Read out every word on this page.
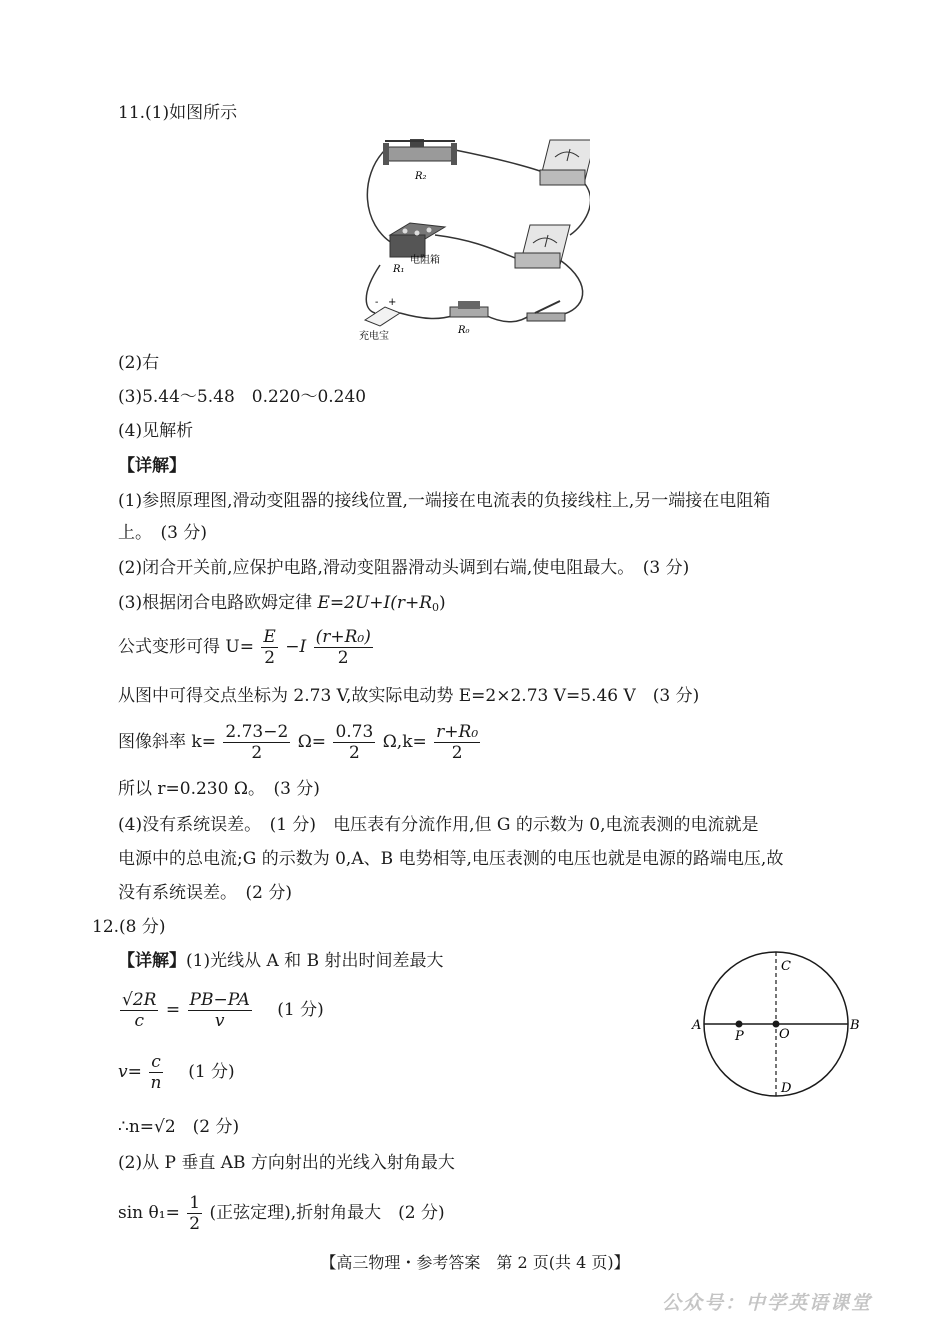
11.(1)如图所示
R₂
R₁
电阻箱
- +
充电宝
R₀
(2)右
(3)5.44～5.48　0.220～0.240
(4)见解析
【详解】
(1)参照原理图,滑动变阻器的接线位置,一端接在电流表的负接线柱上,另一端接在电阻箱
上。　(3 分)
(2)闭合开关前,应保护电路,滑动变阻器滑动头调到右端,使电阻最大。　(3 分)
(3)根据闭合电路欧姆定律 $E=2U+I(r+R_0)$
公式变形可得 $U= \frac{E}{2} -I \frac{\text{(r+R₀)}}{2}$
从图中可得交点坐标为 2.73 V,故实际电动势 E=2×2.73 V=5.46 V　(3 分)
图像斜率 $k= \frac{2.73-2}{2} \Omega= \frac{0.73}{2} \Omega,k= \frac{\text{r+R₀}}{2}$
所以 r=0.230 Ω。　(3 分)
(4)没有系统误差。　(1 分)　电压表有分流作用,但 G 的示数为 0,电流表测的电流就是
电源中的总电流;G 的示数为 0,A、B 电势相等,电压表测的电压也就是电源的路端电压,故
没有系统误差。　(2 分)
12.(8 分)
【详解】(1)光线从 A 和 B 射出时间差最大
$\frac{√2R}{c} = \frac{PB-PA}{v} (1$ 分)
$v= \frac{c}{n} (1$ 分)
∴n=√2　(2 分)
(2)从 P 垂直 AB 方向射出的光线入射角最大
$\sin \theta_1= \frac{1}{2}$ (正弦定理),折射角最大　(2 分)
A	B
C
D
O
P
【高三物理・参考答案　第 2 页(共 4 页)】
公众号：中学英语课堂
